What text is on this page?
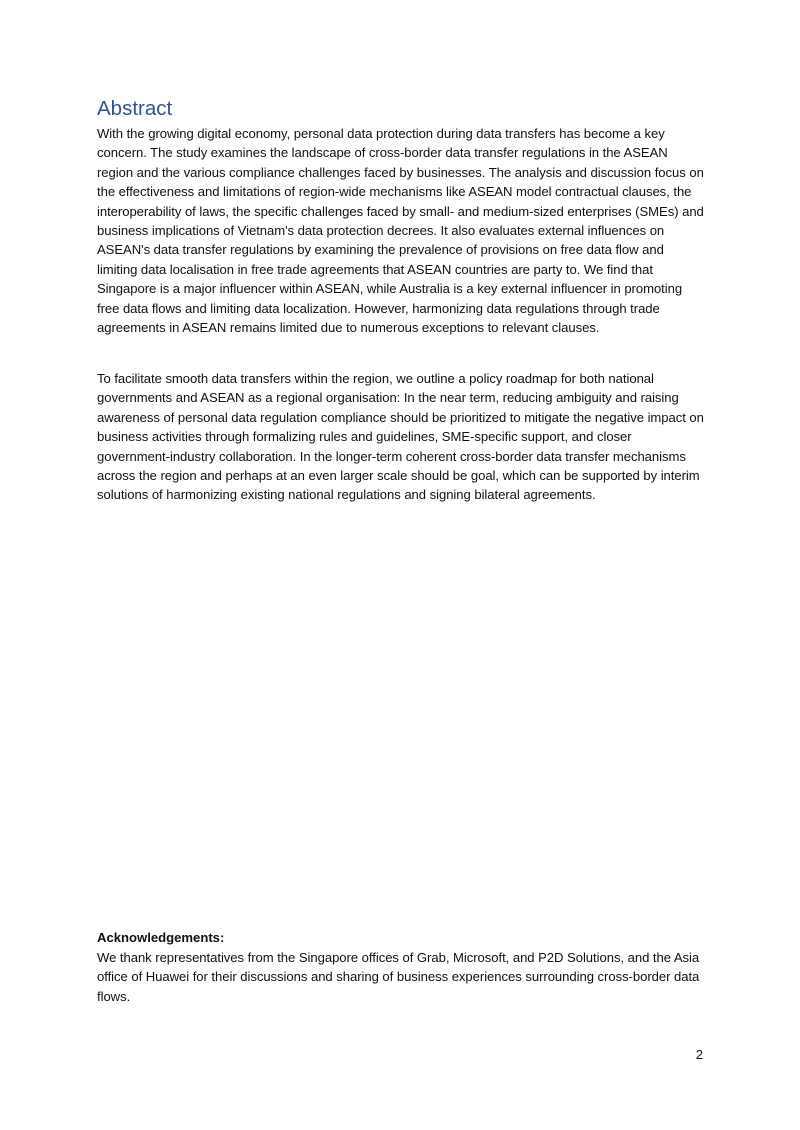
Abstract

With the growing digital economy, personal data protection during data transfers has become a key concern. The study examines the landscape of cross-border data transfer regulations in the ASEAN region and the various compliance challenges faced by businesses. The analysis and discussion focus on the effectiveness and limitations of region-wide mechanisms like ASEAN model contractual clauses, the interoperability of laws, the specific challenges faced by small- and medium-sized enterprises (SMEs) and business implications of Vietnam's data protection decrees. It also evaluates external influences on ASEAN's data transfer regulations by examining the prevalence of provisions on free data flow and limiting data localisation in free trade agreements that ASEAN countries are party to. We find that Singapore is a major influencer within ASEAN, while Australia is a key external influencer in promoting free data flows and limiting data localization. However, harmonizing data regulations through trade agreements in ASEAN remains limited due to numerous exceptions to relevant clauses.

To facilitate smooth data transfers within the region, we outline a policy roadmap for both national governments and ASEAN as a regional organisation: In the near term, reducing ambiguity and raising awareness of personal data regulation compliance should be prioritized to mitigate the negative impact on business activities through formalizing rules and guidelines, SME-specific support, and closer government-industry collaboration. In the longer-term coherent cross-border data transfer mechanisms across the region and perhaps at an even larger scale should be goal, which can be supported by interim solutions of harmonizing existing national regulations and signing bilateral agreements.

Acknowledgements:

We thank representatives from the Singapore offices of Grab, Microsoft, and P2D Solutions, and the Asia office of Huawei for their discussions and sharing of business experiences surrounding cross-border data flows.

2
